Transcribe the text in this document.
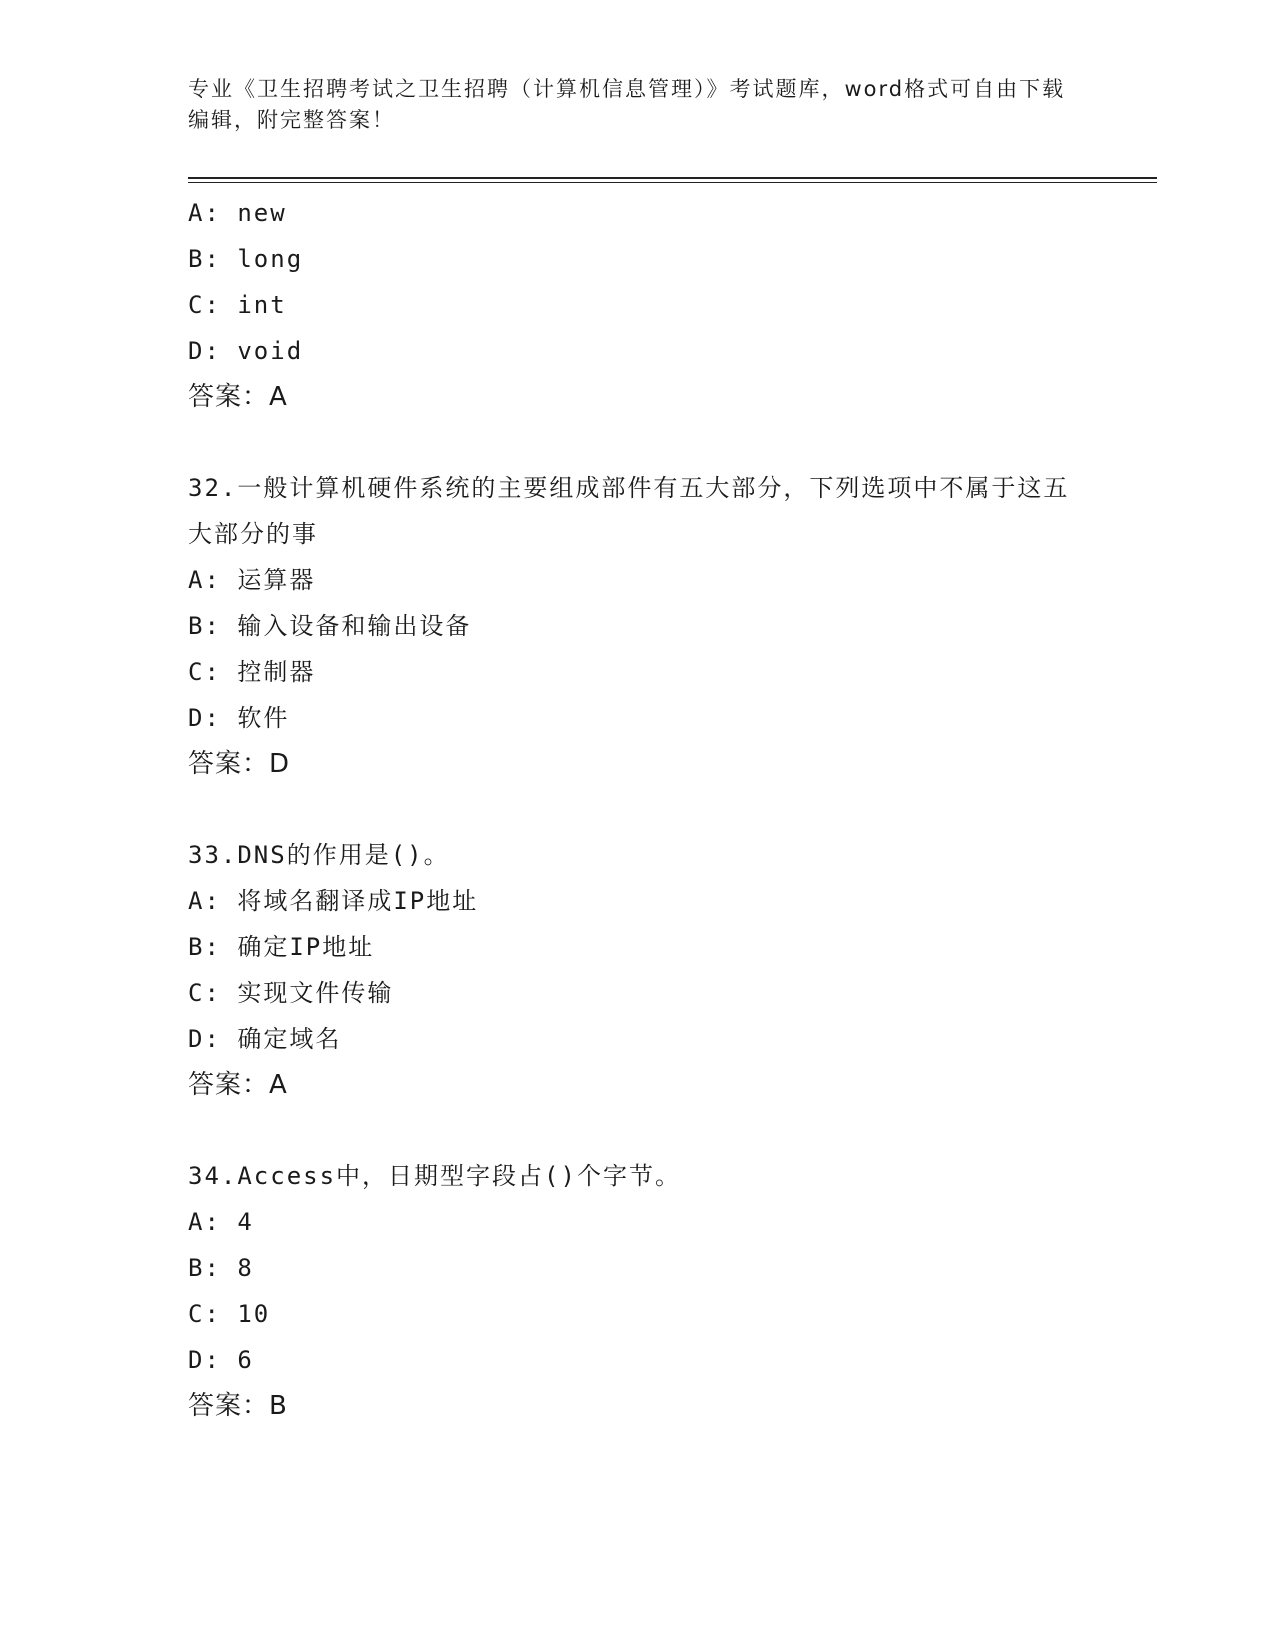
专业《卫生招聘考试之卫生招聘（计算机信息管理）》考试题库，word格式可自由下载编辑，附完整答案！
A: new
B: long
C: int
D: void
答案：A
32.一般计算机硬件系统的主要组成部件有五大部分，下列选项中不属于这五大部分的事
A: 运算器
B: 输入设备和输出设备
C: 控制器
D: 软件
答案：D
33.DNS的作用是()。
A: 将域名翻译成IP地址
B: 确定IP地址
C: 实现文件传输
D: 确定域名
答案：A
34.Access中，日期型字段占()个字节。
A: 4
B: 8
C: 10
D: 6
答案：B
